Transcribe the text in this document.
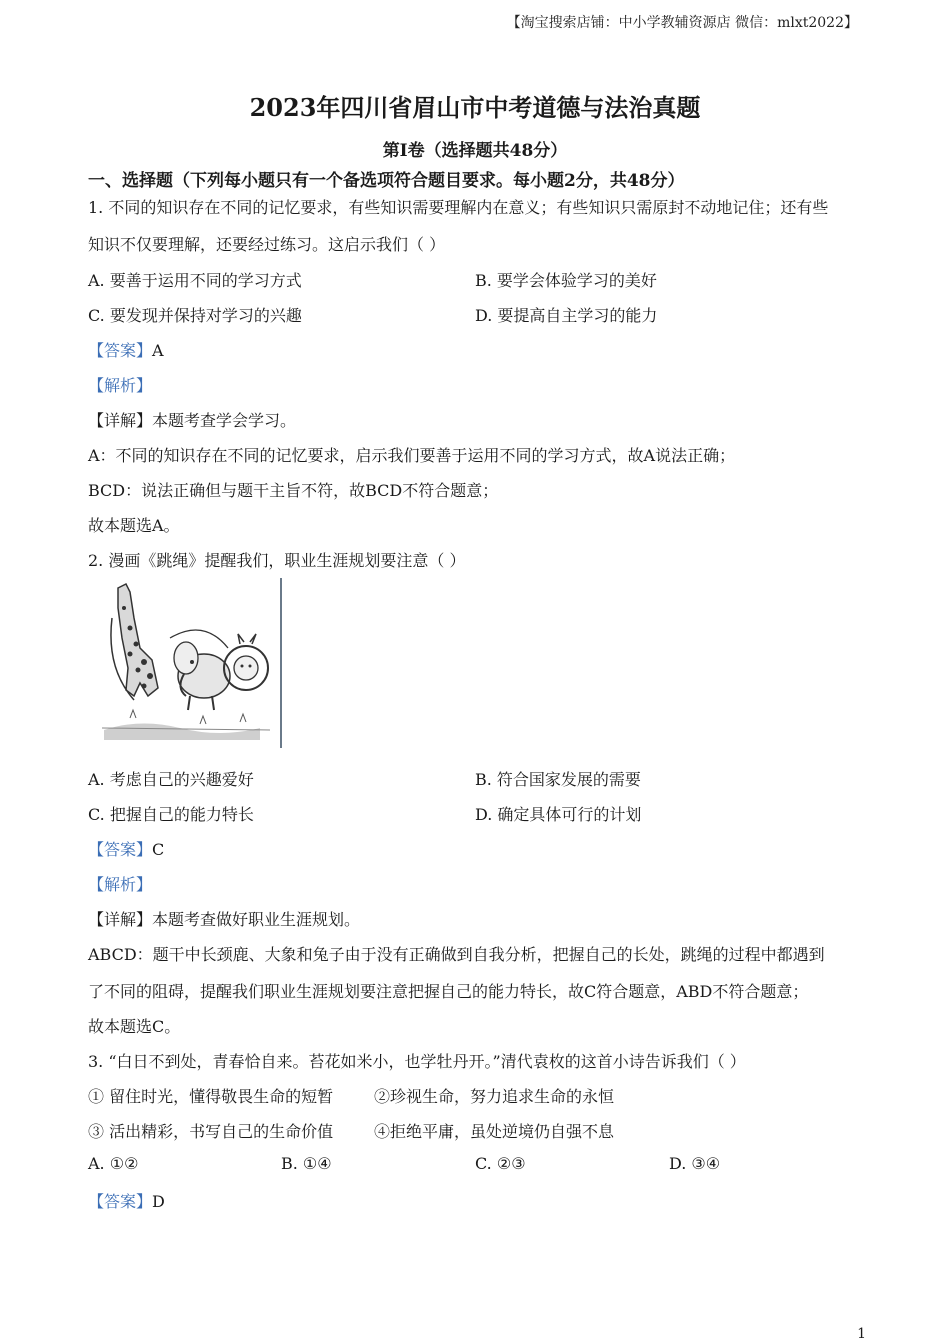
【淘宝搜索店铺：中小学教辅资源店 微信：mlxt2022】
2023年四川省眉山市中考道德与法治真题
第I卷（选择题共48分）
一、选择题（下列每小题只有一个备选项符合题目要求。每小题2分，共48分）
1. 不同的知识存在不同的记忆要求，有些知识需要理解内在意义；有些知识只需原封不动地记住；还有些
知识不仅要理解，还要经过练习。这启示我们（ ）
A. 要善于运用不同的学习方式	B. 要学会体验学习的美好
C. 要发现并保持对学习的兴趣	D. 要提高自主学习的能力
【答案】A
【解析】
【详解】本题考查学会学习。
A：不同的知识存在不同的记忆要求，启示我们要善于运用不同的学习方式，故A说法正确；
BCD：说法正确但与题干主旨不符，故BCD不符合题意；
故本题选A。
2. 漫画《跳绳》提醒我们，职业生涯规划要注意（ ）
A. 考虑自己的兴趣爱好	B. 符合国家发展的需要
C. 把握自己的能力特长	D. 确定具体可行的计划
【答案】C
【解析】
【详解】本题考查做好职业生涯规划。
ABCD：题干中长颈鹿、大象和兔子由于没有正确做到自我分析，把握自己的长处，跳绳的过程中都遇到
了不同的阻碍，提醒我们职业生涯规划要注意把握自己的能力特长，故C符合题意，ABD不符合题意；
故本题选C。
3. “白日不到处，青春恰自来。苔花如米小，也学牡丹开。”清代袁枚的这首小诗告诉我们（ ）
① 留住时光，懂得敬畏生命的短暂	②珍视生命，努力追求生命的永恒
③ 活出精彩，书写自己的生命价值	④拒绝平庸，虽处逆境仍自强不息
A. ①②	B. ①④	C. ②③	D. ③④
【答案】D
1
